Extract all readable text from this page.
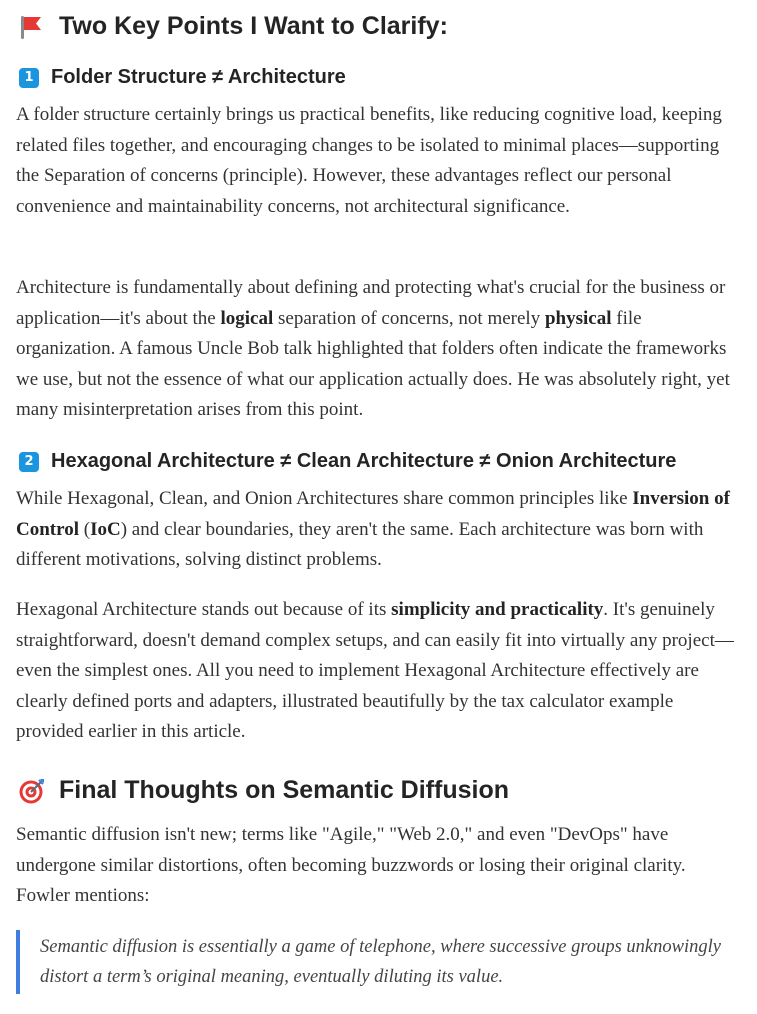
Two Key Points I Want to Clarify:
1 Folder Structure ≠ Architecture

A folder structure certainly brings us practical benefits, like reducing cognitive load, keeping related files together, and encouraging changes to be isolated to minimal places—supporting the Separation of concerns (principle). However, these advantages reflect our personal convenience and maintainability concerns, not architectural significance.

Architecture is fundamentally about defining and protecting what's crucial for the business or application—it's about the logical separation of concerns, not merely physical file organization. A famous Uncle Bob talk highlighted that folders often indicate the frameworks we use, but not the essence of what our application actually does. He was absolutely right, yet many misinterpretation arises from this point.

2 Hexagonal Architecture ≠ Clean Architecture ≠ Onion Architecture

While Hexagonal, Clean, and Onion Architectures share common principles like Inversion of Control (IoC) and clear boundaries, they aren't the same. Each architecture was born with different motivations, solving distinct problems.

Hexagonal Architecture stands out because of its simplicity and practicality. It's genuinely straightforward, doesn't demand complex setups, and can easily fit into virtually any project—even the simplest ones. All you need to implement Hexagonal Architecture effectively are clearly defined ports and adapters, illustrated beautifully by the tax calculator example provided earlier in this article.

Final Thoughts on Semantic Diffusion

Semantic diffusion isn't new; terms like "Agile," "Web 2.0," and even "DevOps" have undergone similar distortions, often becoming buzzwords or losing their original clarity. Fowler mentions:

Semantic diffusion is essentially a game of telephone, where successive groups unknowingly distort a term’s original meaning, eventually diluting its value.
